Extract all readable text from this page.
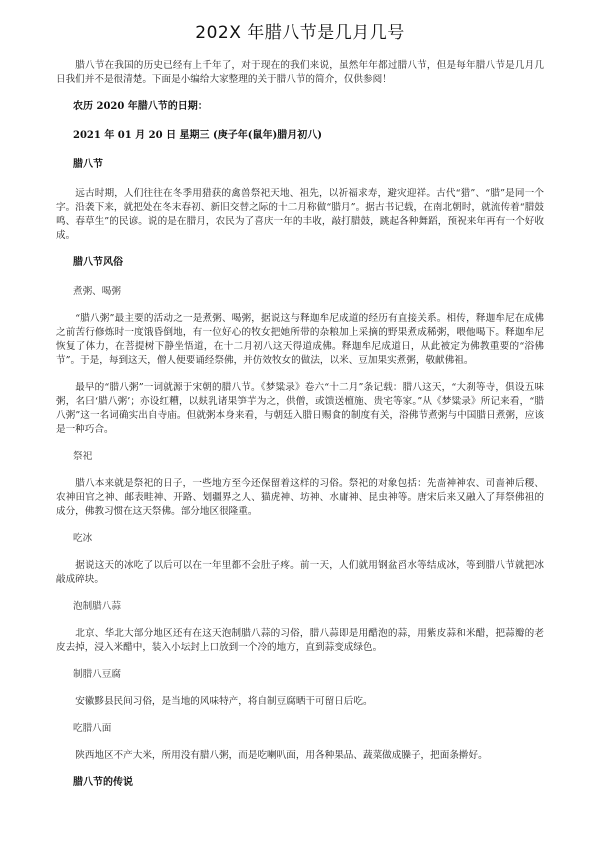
202X 年腊八节是几月几号

腊八节在我国的历史已经有上千年了，对于现在的我们来说，虽然年年都过腊八节，但是每年腊八节是几月几日我们并不是很清楚。下面是小编给大家整理的关于腊八节的简介，仅供参阅！

农历 2020 年腊八节的日期：

2021 年 01 月 20 日 星期三 (庚子年(鼠年)腊月初八)

腊八节

远古时期，人们往往在冬季用猎获的禽兽祭祀天地、祖先，以祈福求寿，避灾迎祥。古代“猎”、“腊”是同一个字。沿袭下来，就把处在冬末春初、新旧交替之际的十二月称做“腊月”。据古书记载，在南北朝时，就流传着“腊鼓鸣、春草生”的民谚。说的是在腊月，农民为了喜庆一年的丰收，敲打腊鼓，跳起各种舞蹈，预祝来年再有一个好收成。

腊八节风俗

煮粥、喝粥

“腊八粥”最主要的活动之一是煮粥、喝粥，据说这与释迦牟尼成道的经历有直接关系。相传，释迦牟尼在成佛之前苦行修炼时一度饿昏倒地，有一位好心的牧女把她所带的杂粮加上采摘的野果煮成稀粥，喂他喝下。释迦牟尼恢复了体力，在菩提树下静坐悟道，在十二月初八这天得道成佛。释迦牟尼成道日，从此被定为佛教重要的“浴佛节”。于是，每到这天，僧人便要诵经祭佛，并仿效牧女的做法，以米、豆加果实煮粥，敬献佛祖。

最早的“腊八粥”一词就源于宋朝的腊八节。《梦粱录》卷六“十二月”条记载：腊八这天，“大刹等寺，俱设五味粥，名曰‘腊八粥’；亦设红糟，以麸乳诸果笋芋为之，供僧，或馈送檀施、贵宅等家。”从《梦粱录》所记来看，“腊八粥”这一名词确实出自寺庙。但就粥本身来看，与朝廷入腊日赐食的制度有关，浴佛节煮粥与中国腊日煮粥，应该是一种巧合。

祭祀

腊八本来就是祭祀的日子，一些地方至今还保留着这样的习俗。祭祀的对象包括：先啬神神农、司啬神后稷、农神田官之神、邮表畦神、开路、划疆界之人、猫虎神、坊神、水庸神、昆虫神等。唐宋后来又融入了拜祭佛祖的成分，佛教习惯在这天祭佛。部分地区很隆重。

吃冰

据说这天的冰吃了以后可以在一年里都不会肚子疼。前一天，人们就用钢盆舀水等结成冰，等到腊八节就把冰敲成碎块。

泡制腊八蒜

北京、华北大部分地区还有在这天泡制腊八蒜的习俗，腊八蒜即是用醋泡的蒜，用紫皮蒜和米醋，把蒜瓣的老皮去掉，浸入米醋中，装入小坛封上口放到一个冷的地方，直到蒜变成绿色。

制腊八豆腐

安徽黟县民间习俗，是当地的风味特产，将自制豆腐晒干可留日后吃。

吃腊八面

陕西地区不产大米，所用没有腊八粥，而是吃喇叭面，用各种果品、蔬菜做成臊子，把面条擀好。

腊八节的传说
